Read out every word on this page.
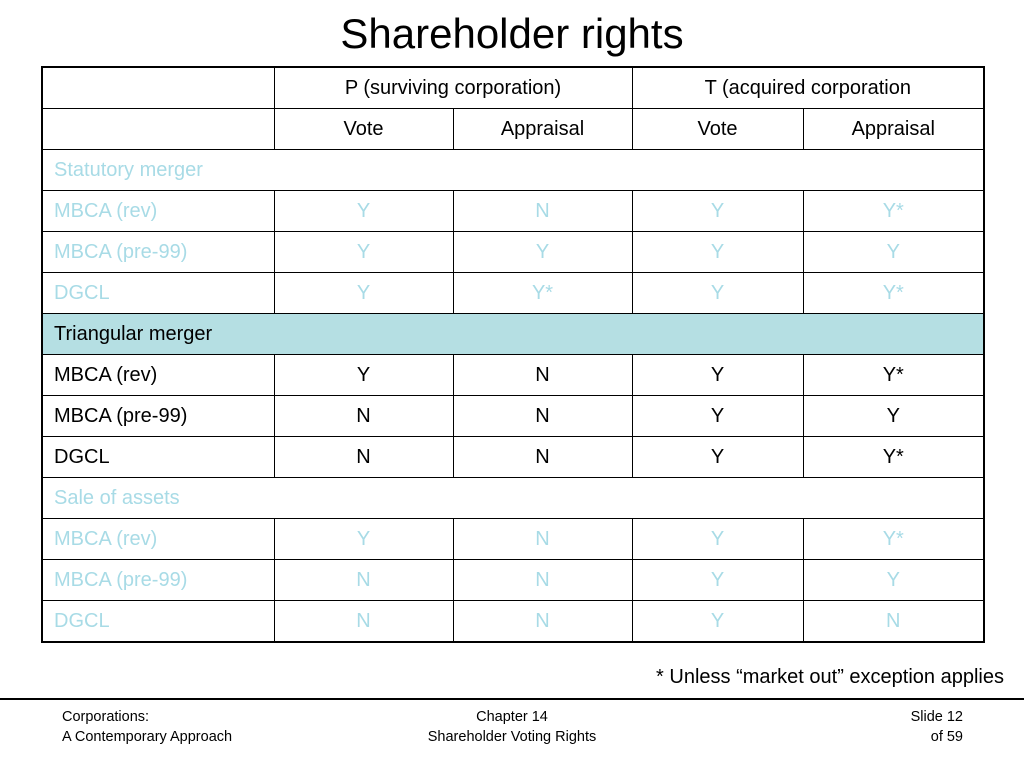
Shareholder rights
	P (surviving corporation)		T (acquired corporation	
	Vote	Appraisal	Vote	Appraisal
Statutory merger				
MBCA (rev)	Y	N	Y	Y*
MBCA (pre-99)	Y	Y	Y	Y
DGCL	Y	Y*	Y	Y*
Triangular merger				
MBCA (rev)	Y	N	Y	Y*
MBCA (pre-99)	N	N	Y	Y
DGCL	N	N	Y	Y*
Sale of assets				
MBCA (rev)	Y	N	Y	Y*
MBCA (pre-99)	N	N	Y	Y
DGCL	N	N	Y	N
* Unless “market out” exception applies
Corporations:
A Contemporary Approach
Chapter 14
Shareholder Voting Rights
Slide 12
of 59
